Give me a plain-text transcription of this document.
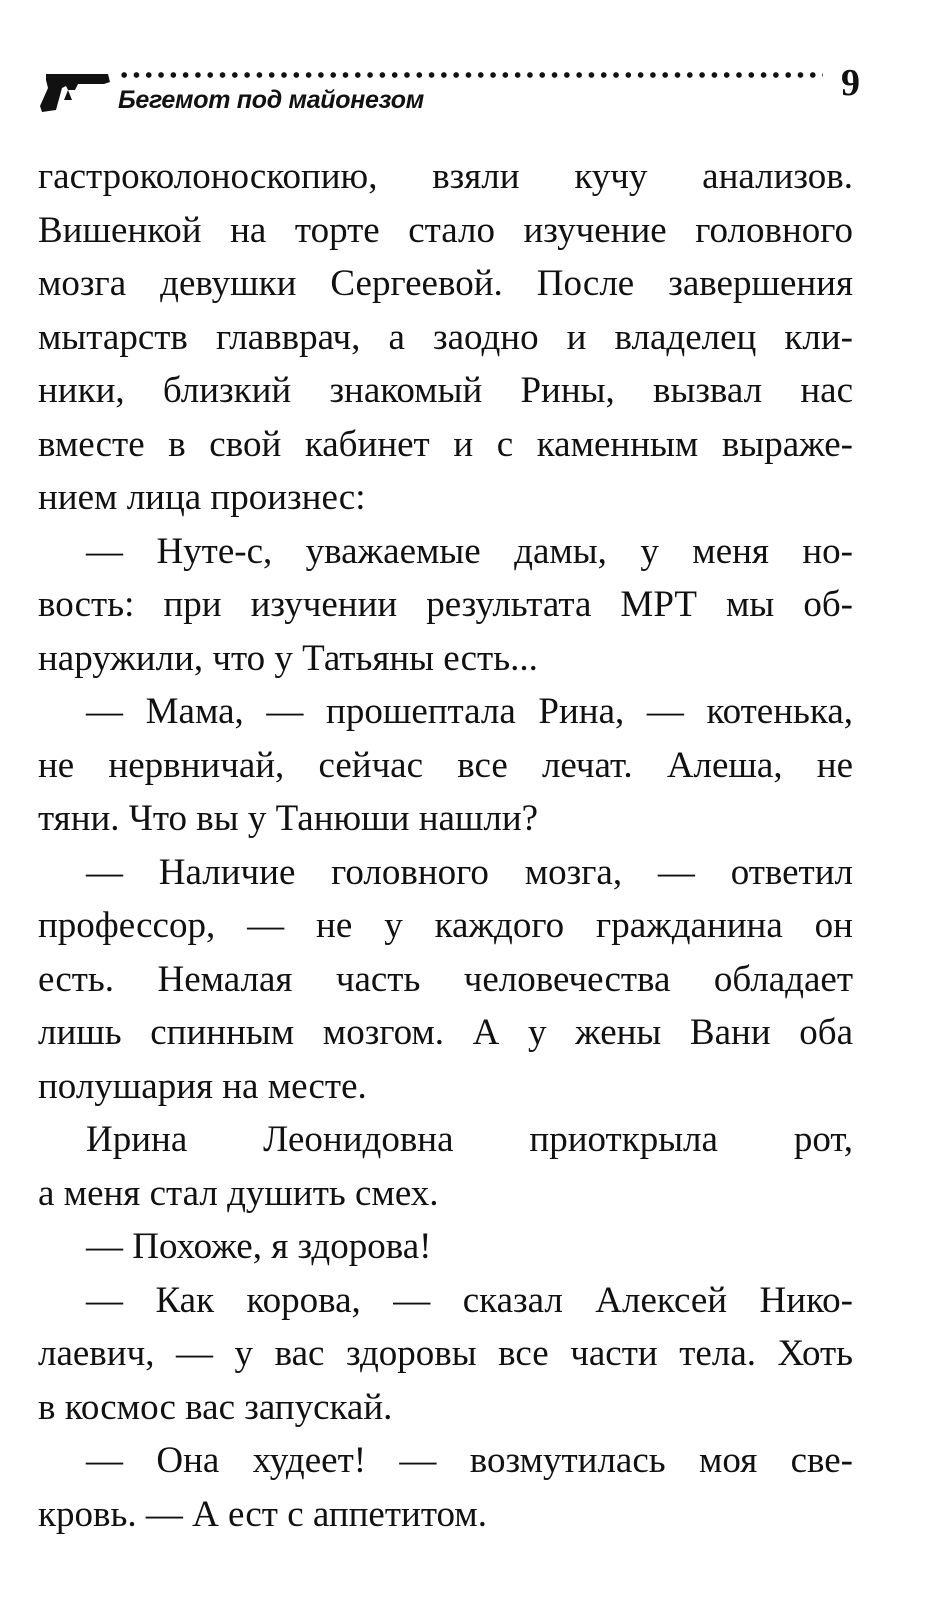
Бегемот под майонезом	9
гастроколоноскопию, взяли кучу анализов.
Вишенкой на торте стало изучение головного
мозга девушки Сергеевой. После завершения
мытарств главврач, а заодно и владелец кли-
ники, близкий знакомый Рины, вызвал нас
вместе в свой кабинет и с каменным выраже-
нием лица произнес:
— Нуте-с, уважаемые дамы, у меня но-
вость: при изучении результата МРТ мы об-
наружили, что у Татьяны есть...
— Мама, — прошептала Рина, — котенька,
не нервничай, сейчас все лечат. Алеша, не
тяни. Что вы у Танюши нашли?
— Наличие головного мозга, — ответил
профессор, — не у каждого гражданина он
есть. Немалая часть человечества обладает
лишь спинным мозгом. А у жены Вани оба
полушария на месте.
Ирина Леонидовна приоткрыла рот,
а меня стал душить смех.
— Похоже, я здорова!
— Как корова, — сказал Алексей Нико-
лаевич, — у вас здоровы все части тела. Хоть
в космос вас запускай.
— Она худеет! — возмутилась моя све-
кровь. — А ест с аппетитом.
